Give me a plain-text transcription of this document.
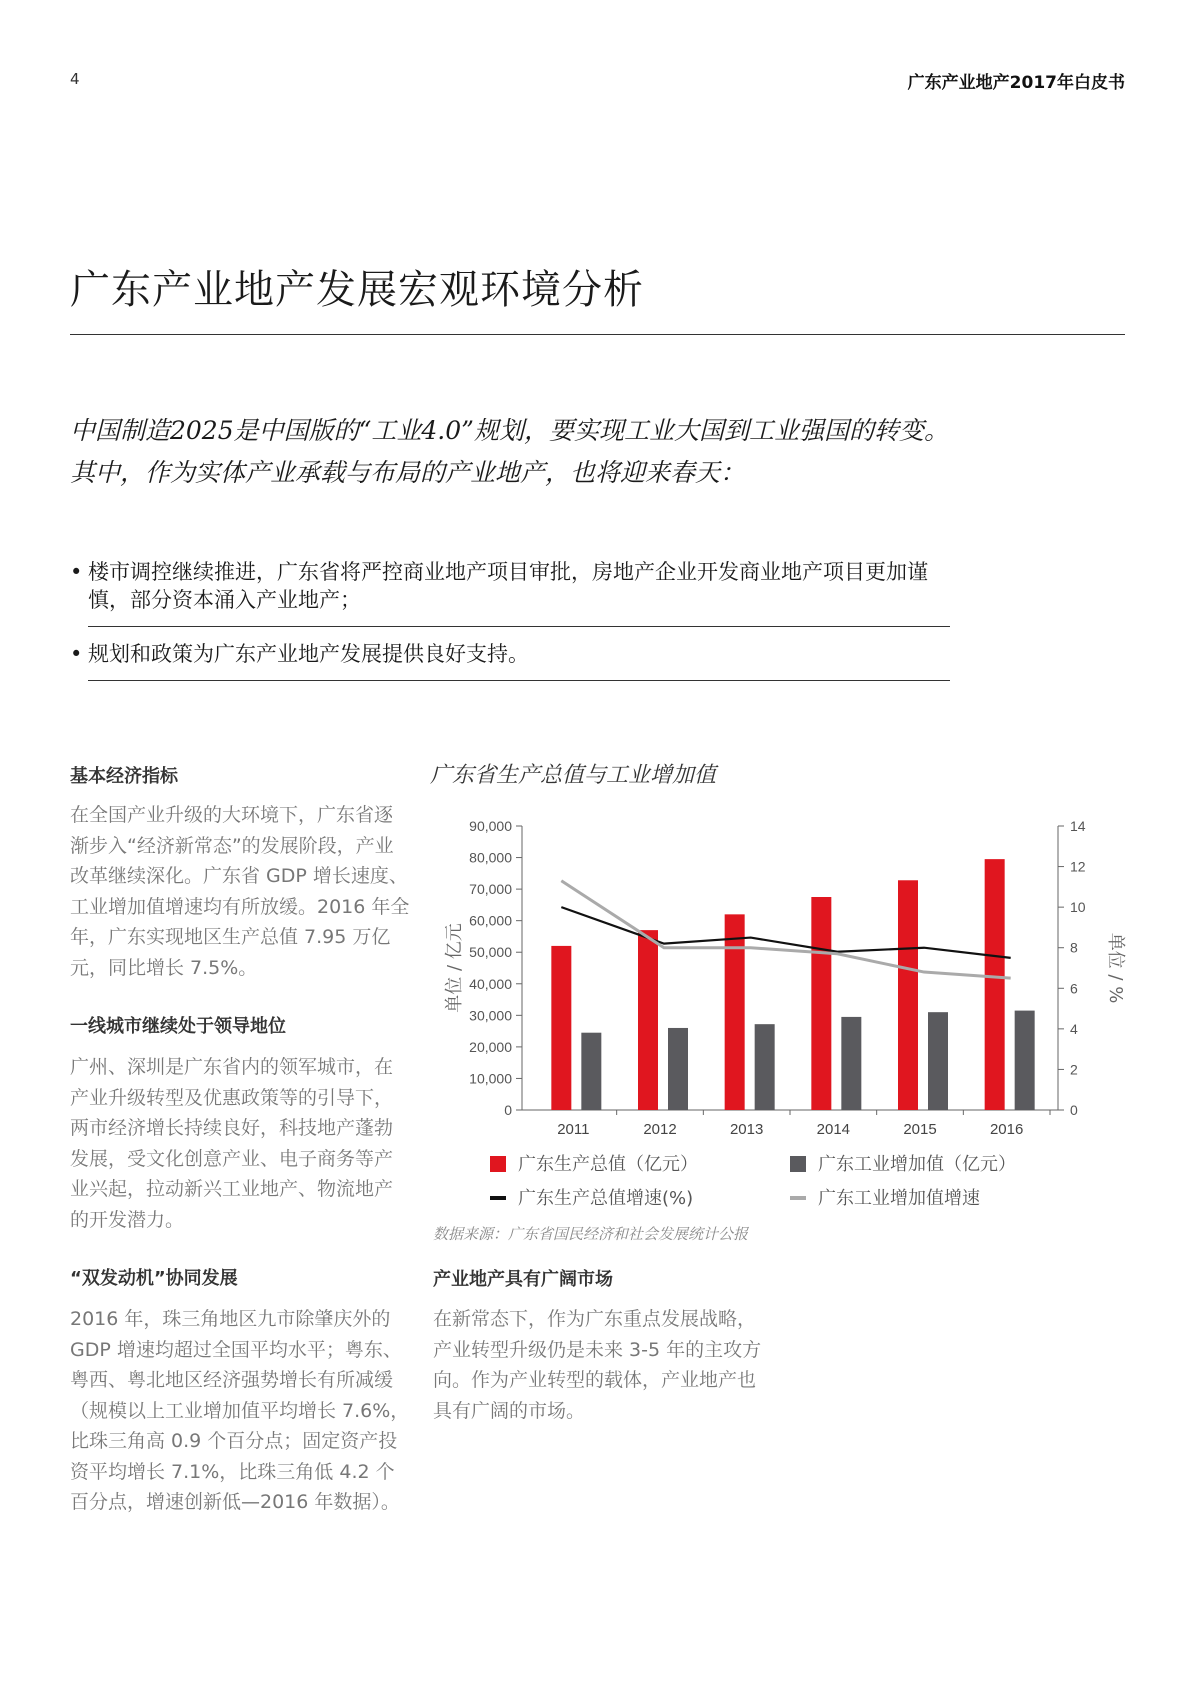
4	广东产业地产2017年白皮书
广东产业地产发展宏观环境分析

中国制造2025是中国版的“工业4.0”规划，要实现工业大国到工业强国的转变。

其中，作为实体产业承载与布局的产业地产，也将迎来春天：

• 楼市调控继续推进，广东省将严控商业地产项目审批，房地产企业开发商业地产项目更加谨慎，部分资本涌入产业地产；
• 规划和政策为广东产业地产发展提供良好支持。
基本经济指标
在全国产业升级的大环境下，广东省逐渐步入“经济新常态”的发展阶段，产业改革继续深化。广东省 GDP 增长速度、工业增加值增速均有所放缓。2016 年全年，广东实现地区生产总值 7.95 万亿元，同比增长 7.5%。
一线城市继续处于领导地位
广州、深圳是广东省内的领军城市，在产业升级转型及优惠政策等的引导下，两市经济增长持续良好，科技地产蓬勃发展，受文化创意产业、电子商务等产业兴起，拉动新兴工业地产、物流地产的开发潜力。
“双发动机”协同发展
2016 年，珠三角地区九市除肇庆外的 GDP 增速均超过全国平均水平；粤东、粤西、粤北地区经济强势增长有所减缓（规模以上工业增加值平均增长 7.6%，比珠三角高 0.9 个百分点；固定资产投资平均增长 7.1%，比珠三角低 4.2 个百分点，增速创新低—2016 年数据）。
广东省生产总值与工业增加值
0
10,000
20,000
30,000
40,000
50,000
60,000
70,000
80,000
90,000
0
2
4
6
8
10
12
14
2011	2012	2013	2014	2015	2016
单位 / 亿元	单位 / %
广东生产总值（亿元）	广东工业增加值（亿元）
广东生产总值增速(%)	广东工业增加值增速
数据来源：广东省国民经济和社会发展统计公报
产业地产具有广阔市场
在新常态下，作为广东重点发展战略，产业转型升级仍是未来 3-5 年的主攻方向。作为产业转型的载体，产业地产也具有广阔的市场。
